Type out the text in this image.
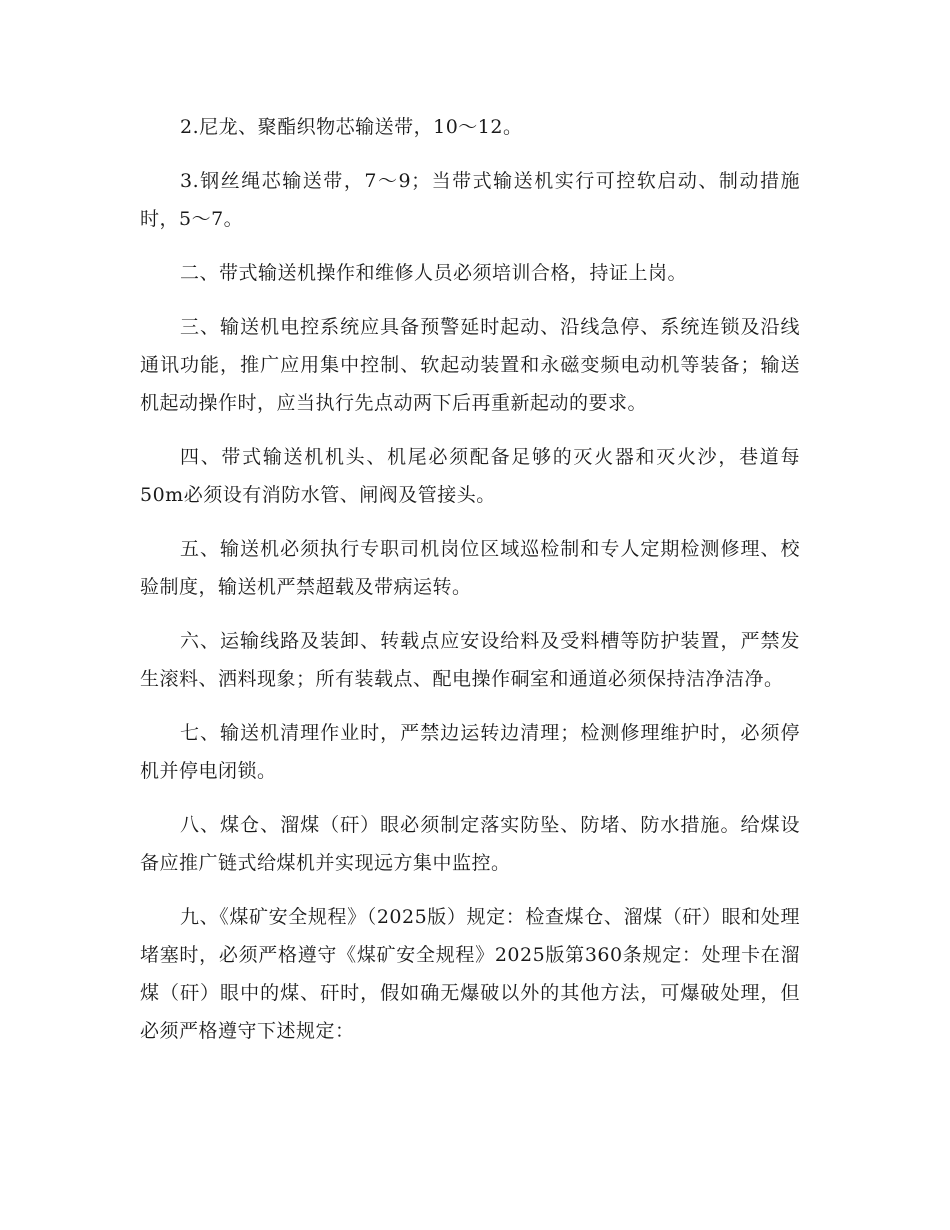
2.尼龙、聚酯织物芯输送带，10～12。

3.钢丝绳芯输送带，7～9；当带式输送机实行可控软启动、制动措施时，5～7。

二、带式输送机操作和维修人员必须培训合格，持证上岗。

三、输送机电控系统应具备预警延时起动、沿线急停、系统连锁及沿线通讯功能，推广应用集中控制、软起动装置和永磁变频电动机等装备；输送机起动操作时，应当执行先点动两下后再重新起动的要求。

四、带式输送机机头、机尾必须配备足够的灭火器和灭火沙，巷道每50m必须设有消防水管、闸阀及管接头。

五、输送机必须执行专职司机岗位区域巡检制和专人定期检测修理、校验制度，输送机严禁超载及带病运转。

六、运输线路及装卸、转载点应安设给料及受料槽等防护装置，严禁发生滚料、洒料现象；所有装载点、配电操作硐室和通道必须保持洁净洁净。

七、输送机清理作业时，严禁边运转边清理；检测修理维护时，必须停机并停电闭锁。

八、煤仓、溜煤（矸）眼必须制定落实防坠、防堵、防水措施。给煤设备应推广链式给煤机并实现远方集中监控。

九、《煤矿安全规程》（2025版）规定：检查煤仓、溜煤（矸）眼和处理堵塞时，必须严格遵守《煤矿安全规程》2025版第360条规定：处理卡在溜煤（矸）眼中的煤、矸时，假如确无爆破以外的其他方法，可爆破处理，但必须严格遵守下述规定：
